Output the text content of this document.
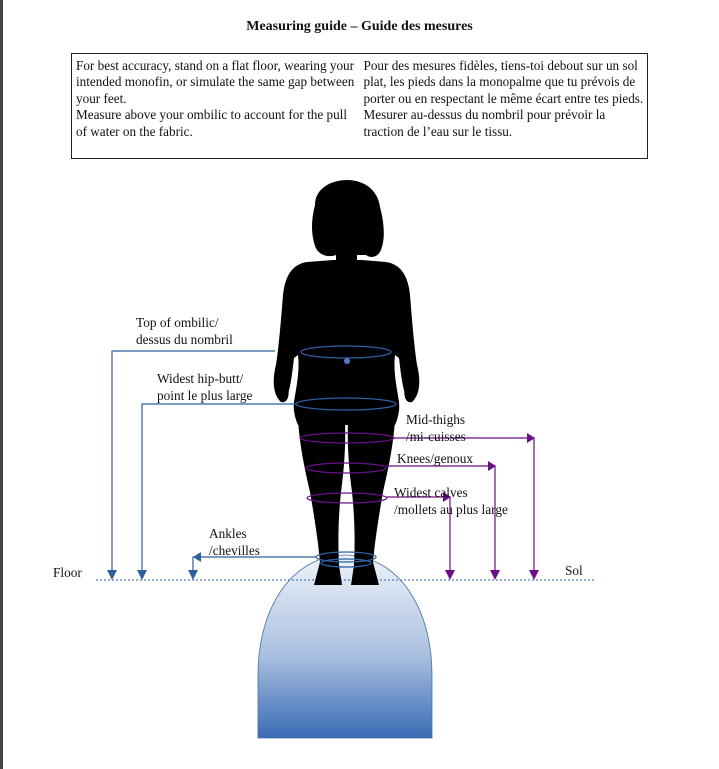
Measuring guide – Guide des mesures

For best accuracy, stand on a flat floor, wearing your intended monofin, or simulate the same gap between your feet.

Measure above your ombilic to account for the pull of water on the fabric.

Pour des mesures fidèles, tiens-toi debout sur un sol plat, les pieds dans la monopalme que tu prévois de porter ou en respectant le même écart entre tes pieds.

Mesurer au-dessus du nombril pour prévoir la traction de l’eau sur le tissu.

Top of ombilic/
dessus du nombril
Widest hip-butt/
point le plus large
Mid-thighs
/mi-cuisses
Knees/genoux
Widest calves
/mollets au plus large
Ankles
/chevilles
Floor	Sol
